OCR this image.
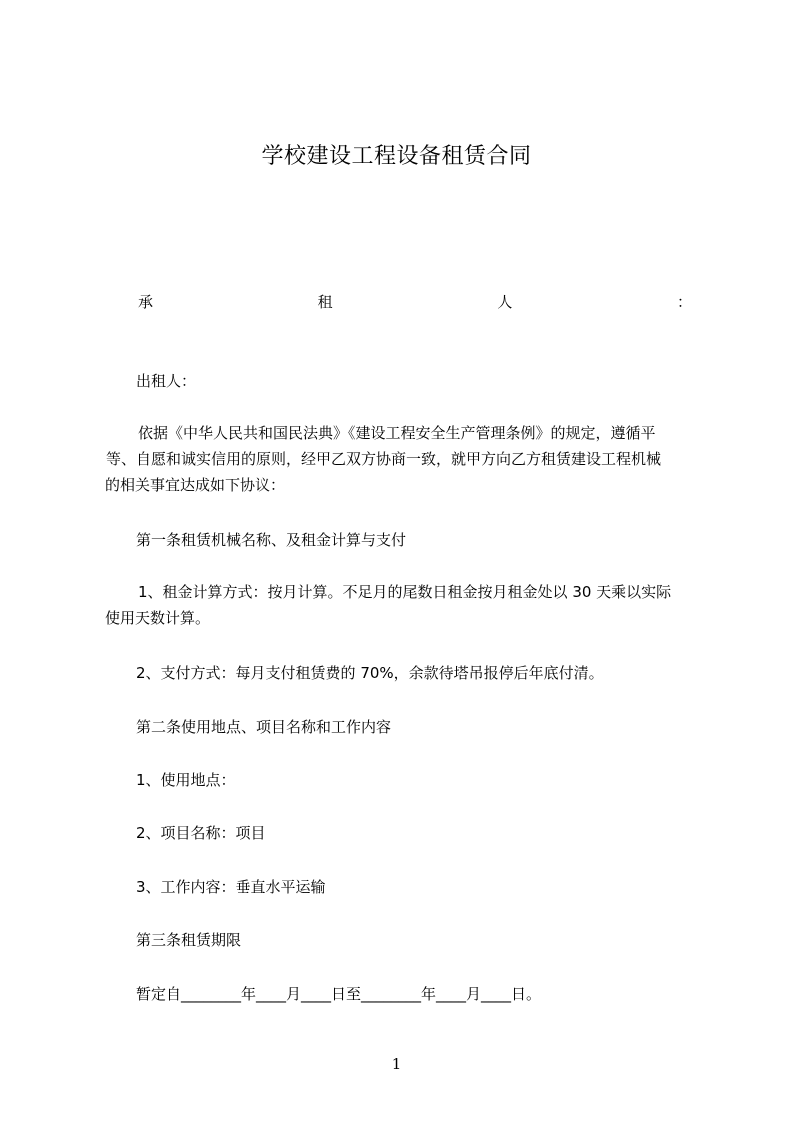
学校建设工程设备租赁合同
承	租	人	：
出租人：
依据《中华人民共和国民法典》《建设工程安全生产管理条例》的规定，遵循平
等、自愿和诚实信用的原则，经甲乙双方协商一致，就甲方向乙方租赁建设工程机械
的相关事宜达成如下协议：
第一条租赁机械名称、及租金计算与支付
1、租金计算方式：按月计算。不足月的尾数日租金按月租金处以 30 天乘以实际
使用天数计算。
2、支付方式：每月支付租赁费的 70%，余款待塔吊报停后年底付清。
第二条使用地点、项目名称和工作内容
1、使用地点：
2、项目名称：项目
3、工作内容：垂直水平运输
第三条租赁期限
暂定自________年____月____日至________年____月____日。
1
